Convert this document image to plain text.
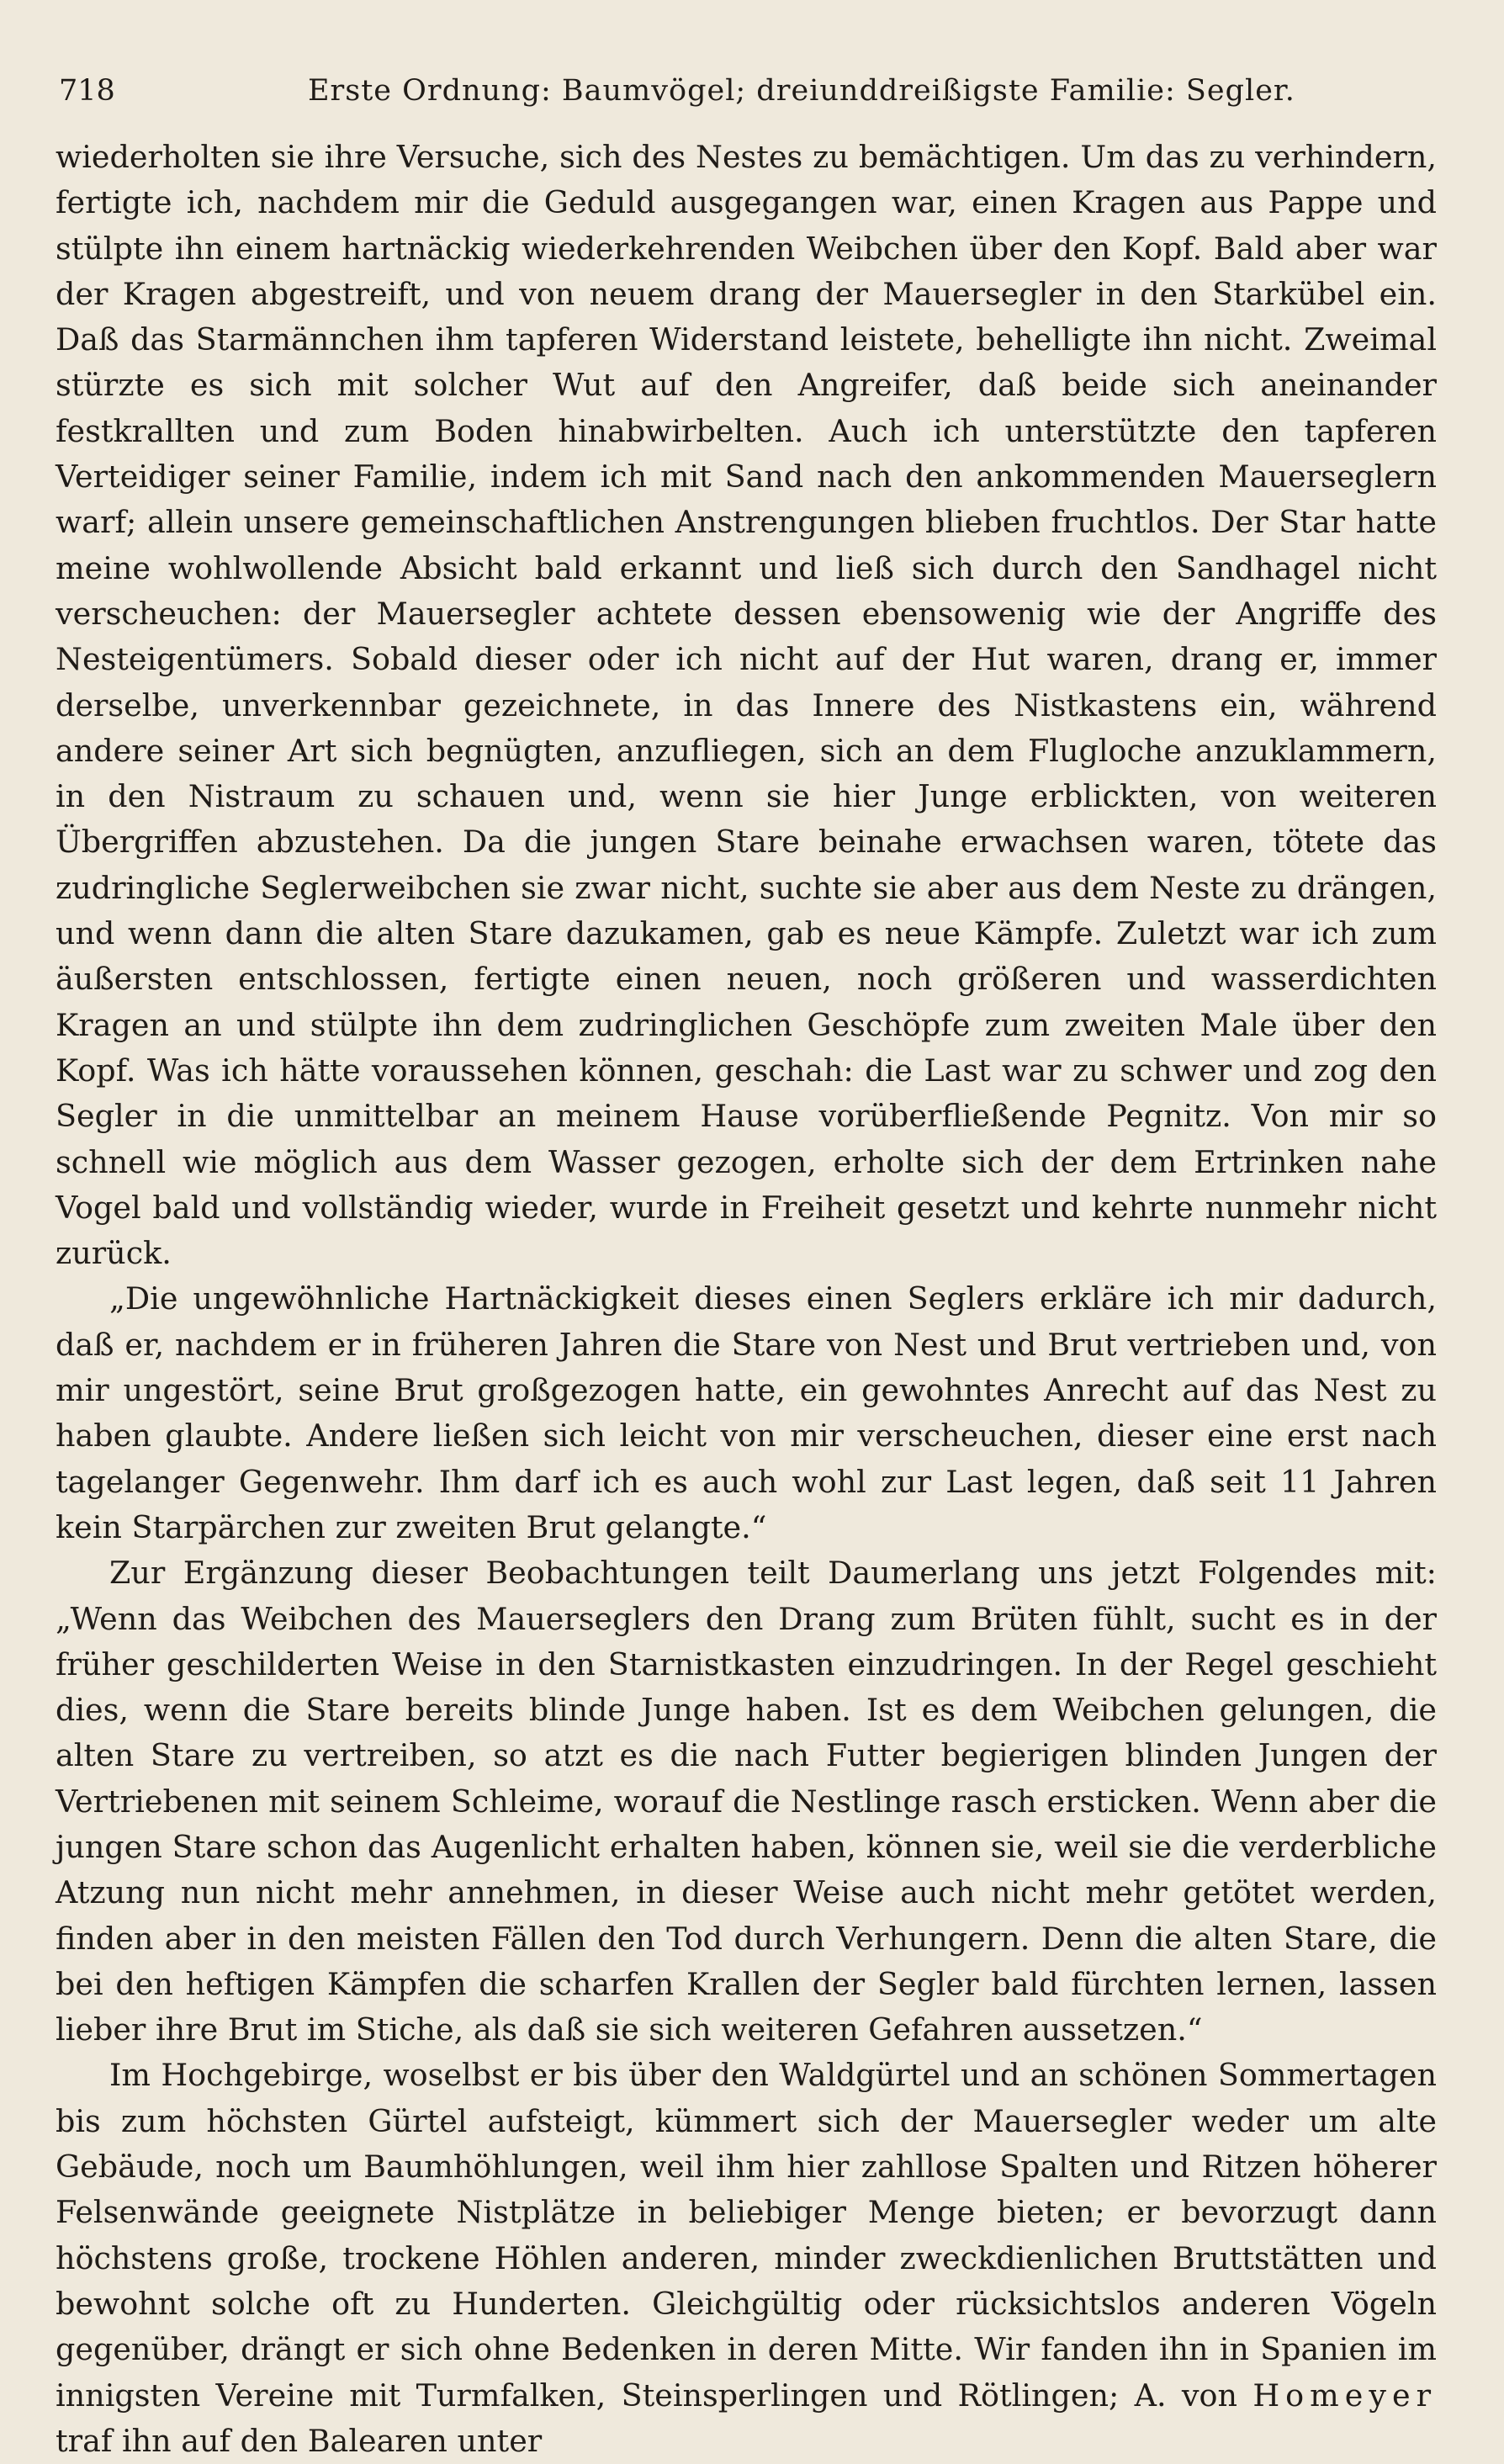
718	Erste Ordnung: Baumvögel; dreiunddreißigste Familie: Segler.

wiederholten sie ihre Versuche, sich des Nestes zu bemächtigen. Um das zu verhindern, fertigte ich, nachdem mir die Geduld ausgegangen war, einen Kragen aus Pappe und stülpte ihn einem hartnäckig wiederkehrenden Weibchen über den Kopf. Bald aber war der Kragen abgestreift, und von neuem drang der Mauersegler in den Starkübel ein. Daß das Starmännchen ihm tapferen Widerstand leistete, behelligte ihn nicht. Zweimal stürzte es sich mit solcher Wut auf den Angreifer, daß beide sich aneinander festkrallten und zum Boden hinabwirbelten. Auch ich unterstützte den tapferen Verteidiger seiner Familie, indem ich mit Sand nach den ankommenden Mauerseglern warf; allein unsere gemeinschaftlichen Anstrengungen blieben fruchtlos. Der Star hatte meine wohlwollende Absicht bald erkannt und ließ sich durch den Sandhagel nicht verscheuchen: der Mauersegler achtete dessen ebensowenig wie der Angriffe des Nesteigentümers. Sobald dieser oder ich nicht auf der Hut waren, drang er, immer derselbe, unverkennbar gezeichnete, in das Innere des Nistkastens ein, während andere seiner Art sich begnügten, anzufliegen, sich an dem Flugloche anzuklammern, in den Nistraum zu schauen und, wenn sie hier Junge erblickten, von weiteren Übergriffen abzustehen. Da die jungen Stare beinahe erwachsen waren, tötete das zudringliche Seglerweibchen sie zwar nicht, suchte sie aber aus dem Neste zu drängen, und wenn dann die alten Stare dazukamen, gab es neue Kämpfe. Zuletzt war ich zum äußersten entschlossen, fertigte einen neuen, noch größeren und wasserdichten Kragen an und stülpte ihn dem zudringlichen Geschöpfe zum zweiten Male über den Kopf. Was ich hätte voraussehen können, geschah: die Last war zu schwer und zog den Segler in die unmittelbar an meinem Hause vorüberfließende Pegnitz. Von mir so schnell wie möglich aus dem Wasser gezogen, erholte sich der dem Ertrinken nahe Vogel bald und vollständig wieder, wurde in Freiheit gesetzt und kehrte nunmehr nicht zurück.

„Die ungewöhnliche Hartnäckigkeit dieses einen Seglers erkläre ich mir dadurch, daß er, nachdem er in früheren Jahren die Stare von Nest und Brut vertrieben und, von mir ungestört, seine Brut großgezogen hatte, ein gewohntes Anrecht auf das Nest zu haben glaubte. Andere ließen sich leicht von mir verscheuchen, dieser eine erst nach tagelanger Gegenwehr. Ihm darf ich es auch wohl zur Last legen, daß seit 11 Jahren kein Starpärchen zur zweiten Brut gelangte.“

Zur Ergänzung dieser Beobachtungen teilt Daumerlang uns jetzt Folgendes mit: „Wenn das Weibchen des Mauerseglers den Drang zum Brüten fühlt, sucht es in der früher geschilderten Weise in den Starnistkasten einzudringen. In der Regel geschieht dies, wenn die Stare bereits blinde Junge haben. Ist es dem Weibchen gelungen, die alten Stare zu vertreiben, so atzt es die nach Futter begierigen blinden Jungen der Vertriebenen mit seinem Schleime, worauf die Nestlinge rasch ersticken. Wenn aber die jungen Stare schon das Augenlicht erhalten haben, können sie, weil sie die verderbliche Atzung nun nicht mehr annehmen, in dieser Weise auch nicht mehr getötet werden, finden aber in den meisten Fällen den Tod durch Verhungern. Denn die alten Stare, die bei den heftigen Kämpfen die scharfen Krallen der Segler bald fürchten lernen, lassen lieber ihre Brut im Stiche, als daß sie sich weiteren Gefahren aussetzen.“

Im Hochgebirge, woselbst er bis über den Waldgürtel und an schönen Sommertagen bis zum höchsten Gürtel aufsteigt, kümmert sich der Mauersegler weder um alte Gebäude, noch um Baumhöhlungen, weil ihm hier zahllose Spalten und Ritzen höherer Felsenwände geeignete Nistplätze in beliebiger Menge bieten; er bevorzugt dann höchstens große, trockene Höhlen anderen, minder zweckdienlichen Bruttstätten und bewohnt solche oft zu Hunderten. Gleichgültig oder rücksichtslos anderen Vögeln gegenüber, drängt er sich ohne Bedenken in deren Mitte. Wir fanden ihn in Spanien im innigsten Vereine mit Turmfalken, Steinsperlingen und Rötlingen; A. von Homeyer traf ihn auf den Balearen unter
